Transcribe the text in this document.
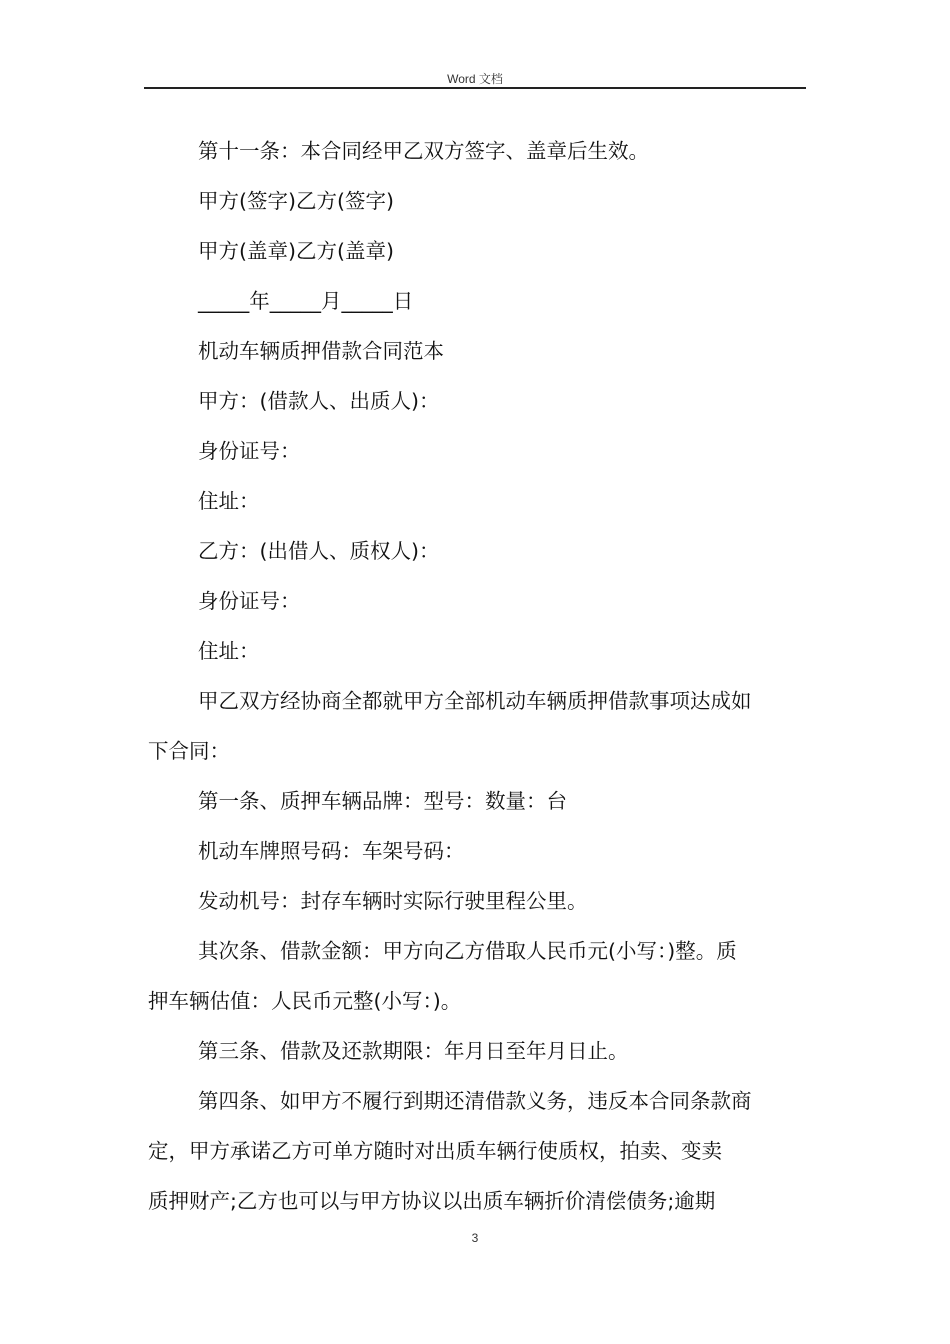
Word 文档

第十一条：本合同经甲乙双方签字、盖章后生效。

甲方(签字)乙方(签字)

甲方(盖章)乙方(盖章)

_____年_____月_____日

机动车辆质押借款合同范本

甲方：(借款人、出质人)：

身份证号：

住址：

乙方：(出借人、质权人)：

身份证号：

住址：

甲乙双方经协商全都就甲方全部机动车辆质押借款事项达成如

下合同：

第一条、质押车辆品牌：型号：数量：台

机动车牌照号码：车架号码：

发动机号：封存车辆时实际行驶里程公里。

其次条、借款金额：甲方向乙方借取人民币元(小写：)整。质

押车辆估值：人民币元整(小写：)。

第三条、借款及还款期限：年月日至年月日止。

第四条、如甲方不履行到期还清借款义务，违反本合同条款商

定，甲方承诺乙方可单方随时对出质车辆行使质权，拍卖、变卖

质押财产;乙方也可以与甲方协议以出质车辆折价清偿债务;逾期

3
